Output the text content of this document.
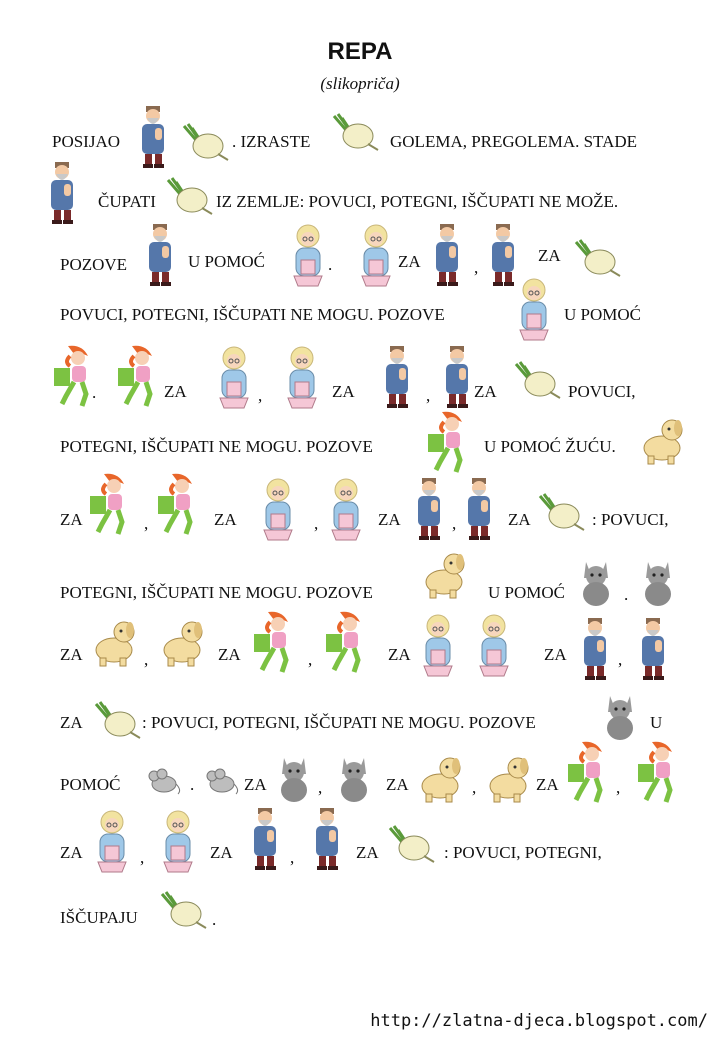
REPA
(slikopriča)
POSIJAO	. IZRASTE	GOLEMA, PREGOLEMA. STADE
ČUPATI	IZ ZEMLJE: POVUCI, POTEGNI, IŠČUPATI NE MOŽE.
POZOVE	U POMOĆ	.	ZA	,
ZA
POVUCI, POTEGNI, IŠČUPATI NE MOGU. POZOVE	U POMOĆ
.	ZA	,	ZA	,	ZA	POVUCI,
POTEGNI, IŠČUPATI NE MOGU. POZOVE	U POMOĆ ŽUĆU.
ZA	,	ZA	,	ZA	,	ZA	: POVUCI,
POTEGNI, IŠČUPATI NE MOGU. POZOVE	U POMOĆ	.
ZA	,	ZA	,	ZA	ZA	,
ZA	: POVUCI, POTEGNI, IŠČUPATI NE MOGU. POZOVE	U
POMOĆ	.	ZA	,	ZA	,	ZA	,
ZA	,	ZA	,	ZA	: POVUCI, POTEGNI,
IŠČUPAJU	.
http://zlatna-djeca.blogspot.com/
